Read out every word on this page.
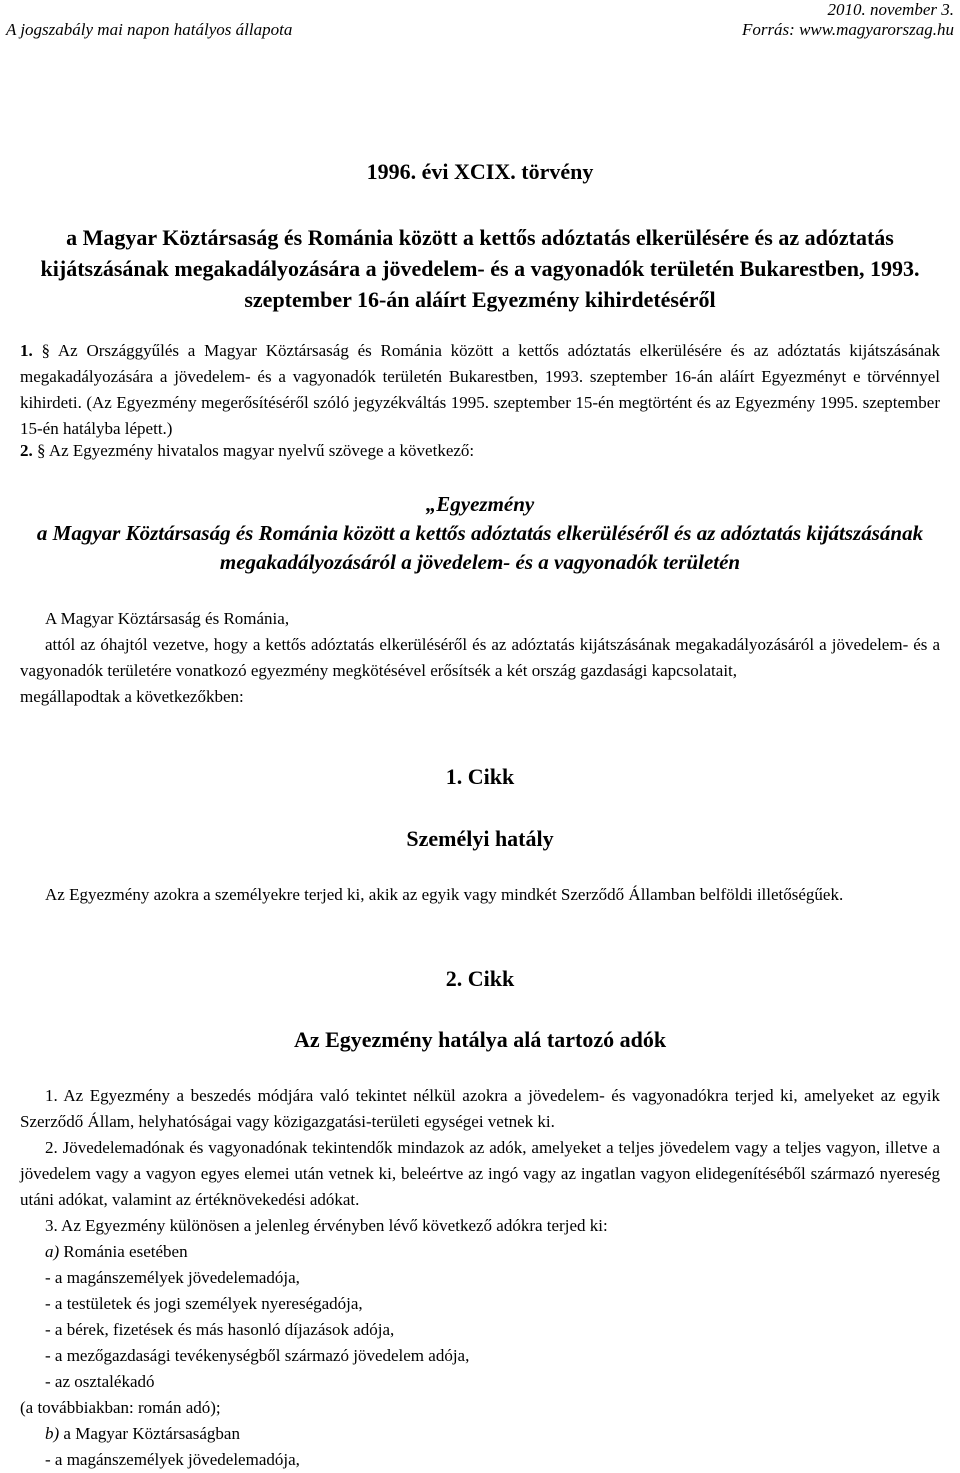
2010. november 3.
A jogszabály mai napon hatályos állapota	Forrás: www.magyarorszag.hu
1996. évi XCIX. törvény
a Magyar Köztársaság és Románia között a kettős adóztatás elkerülésére és az adóztatás kijátszásának megakadályozására a jövedelem- és a vagyonadók területén Bukarestben, 1993. szeptember 16-án aláírt Egyezmény kihirdetéséről
1. § Az Országgyűlés a Magyar Köztársaság és Románia között a kettős adóztatás elkerülésére és az adóztatás kijátszásának megakadályozására a jövedelem- és a vagyonadók területén Bukarestben, 1993. szeptember 16-án aláírt Egyezményt e törvénnyel kihirdeti. (Az Egyezmény megerősítéséről szóló jegyzékváltás 1995. szeptember 15-én megtörtént és az Egyezmény 1995. szeptember 15-én hatályba lépett.)
2. § Az Egyezmény hivatalos magyar nyelvű szövege a következő:
„Egyezmény
a Magyar Köztársaság és Románia között a kettős adóztatás elkerüléséről és az adóztatás kijátszásának megakadályozásáról a jövedelem- és a vagyonadók területén
A Magyar Köztársaság és Románia,
attól az óhajtól vezetve, hogy a kettős adóztatás elkerüléséről és az adóztatás kijátszásának megakadályozásáról a jövedelem- és a vagyonadók területére vonatkozó egyezmény megkötésével erősítsék a két ország gazdasági kapcsolatait,
megállapodtak a következőkben:
1. Cikk
Személyi hatály
Az Egyezmény azokra a személyekre terjed ki, akik az egyik vagy mindkét Szerződő Államban belföldi illetőségűek.
2. Cikk
Az Egyezmény hatálya alá tartozó adók
1. Az Egyezmény a beszedés módjára való tekintet nélkül azokra a jövedelem- és vagyonadókra terjed ki, amelyeket az egyik Szerződő Állam, helyhatóságai vagy közigazgatási-területi egységei vetnek ki.
2. Jövedelemadónak és vagyonadónak tekintendők mindazok az adók, amelyeket a teljes jövedelem vagy a teljes vagyon, illetve a jövedelem vagy a vagyon egyes elemei után vetnek ki, beleértve az ingó vagy az ingatlan vagyon elidegenítéséből származó nyereség utáni adókat, valamint az értéknövekedési adókat.
3. Az Egyezmény különösen a jelenleg érvényben lévő következő adókra terjed ki:
a) Románia esetében
- a magánszemélyek jövedelemadója,
- a testületek és jogi személyek nyereségadója,
- a bérek, fizetések és más hasonló díjazások adója,
- a mezőgazdasági tevékenységből származó jövedelem adója,
- az osztalékadó
(a továbbiakban: román adó);
b) a Magyar Köztársaságban
- a magánszemélyek jövedelemadója,
